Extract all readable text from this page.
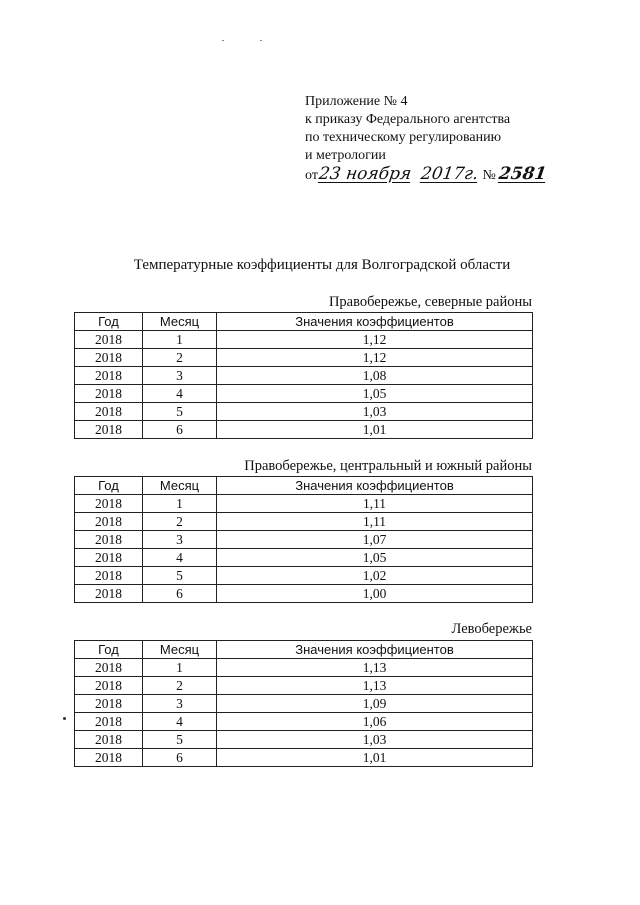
Приложение № 4
к приказу Федерального агентства
по техническому регулированию
и метрологии
от 23 ноября 2017г. № 2581
Температурные коэффициенты для Волгоградской области
Правобережье, северные районы
Год	Месяц	Значения коэффициентов
2018	1	1,12
2018	2	1,12
2018	3	1,08
2018	4	1,05
2018	5	1,03
2018	6	1,01
Правобережье, центральный и южный районы
Год	Месяц	Значения коэффициентов
2018	1	1,11
2018	2	1,11
2018	3	1,07
2018	4	1,05
2018	5	1,02
2018	6	1,00
Левобережье
Год	Месяц	Значения коэффициентов
2018	1	1,13
2018	2	1,13
2018	3	1,09
2018	4	1,06
2018	5	1,03
2018	6	1,01
